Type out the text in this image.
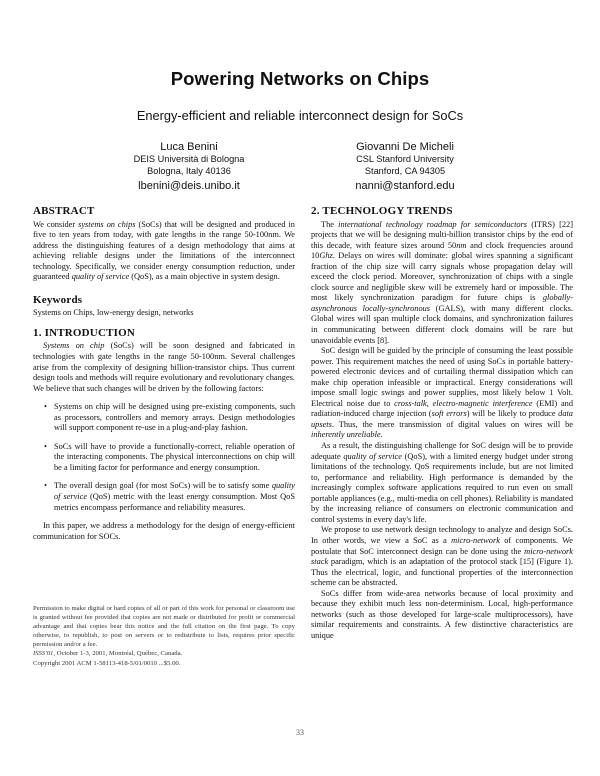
Powering Networks on Chips
Energy-efficient and reliable interconnect design for SoCs
Luca Benini
DEIS Università di Bologna
Bologna, Italy 40136
lbenini@deis.unibo.it
Giovanni De Micheli
CSL Stanford University
Stanford, CA 94305
nanni@stanford.edu
ABSTRACT

We consider systems on chips (SoCs) that will be designed and produced in five to ten years from today, with gate lengths in the range 50-100nm. We address the distinguishing features of a design methodology that aims at achieving reliable designs under the limitations of the interconnect technology. Specifically, we consider energy consumption reduction, under guaranteed quality of service (QoS), as a main objective in system design.

Keywords

Systems on Chips, low-energy design, networks

1. INTRODUCTION

Systems on chip (SoCs) will be soon designed and fabricated in technologies with gate lengths in the range 50-100nm. Several challenges arise from the complexity of designing billion-transistor chips. Thus current design tools and methods will require evolutionary and revolutionary changes. We believe that such changes will be driven by the following factors:

• Systems on chip will be designed using pre-existing components, such as processors, controllers and memory arrays. Design methodologies will support component re-use in a plug-and-play fashion.
• SoCs will have to provide a functionally-correct, reliable operation of the interacting components. The physical interconnections on chip will be a limiting factor for performance and energy consumption.
• The overall design goal (for most SoCs) will be to satisfy some quality of service (QoS) metric with the least energy consumption. Most QoS metrics encompass performance and reliability measures.

In this paper, we address a methodology for the design of energy-efficient communication for SOCs.

Permission to make digital or hard copies of all or part of this work for personal or classroom use is granted without fee provided that copies are not made or distributed for profit or commercial advantage and that copies bear this notice and the full citation on the first page. To copy otherwise, to republish, to post on servers or to redistribute to lists, requires prior specific permission and/or a fee.

ISSS'01, October 1-3, 2001, Montréal, Québec, Canada.

Copyright 2001 ACM 1-58113-418-5/01/0010 ...$5.00.

2. TECHNOLOGY TRENDS

The international technology roadmap for semiconductors (ITRS) [22] projects that we will be designing multi-billion transistor chips by the end of this decade, with feature sizes around 50nm and clock frequencies around 10Ghz. Delays on wires will dominate: global wires spanning a significant fraction of the chip size will carry signals whose propagation delay will exceed the clock period. Moreover, synchronization of chips with a single clock source and negligible skew will be extremely hard or impossible. The most likely synchronization paradigm for future chips is globally-asynchronous locally-synchronous (GALS), with many different clocks. Global wires will span multiple clock domains, and synchronization failures in communicating between different clock domains will be rare but unavoidable events [8].

SoC design will be guided by the principle of consuming the least possible power. This requirement matches the need of using SoCs in portable battery-powered electronic devices and of curtailing thermal dissipation which can make chip operation infeasible or impractical. Energy considerations will impose small logic swings and power supplies, most likely below 1 Volt. Electrical noise due to cross-talk, electro-magnetic interference (EMI) and radiation-induced charge injection (soft errors) will be likely to produce data upsets. Thus, the mere transmission of digital values on wires will be inherently unreliable.

As a result, the distinguishing challenge for SoC design will be to provide adequate quality of service (QoS), with a limited energy budget under strong limitations of the technology. QoS requirements include, but are not limited to, performance and reliability. High performance is demanded by the increasingly complex software applications required to run even on small portable appliances (e.g., multi-media on cell phones). Reliability is mandated by the increasing reliance of consumers on electronic communication and control systems in every day's life.

We propose to use network design technology to analyze and design SoCs. In other words, we view a SoC as a micro-network of components. We postulate that SoC interconnect design can be done using the micro-network stack paradigm, which is an adaptation of the protocol stack [15] (Figure 1). Thus the electrical, logic, and functional properties of the interconnection scheme can be abstracted.

SoCs differ from wide-area networks because of local proximity and because they exhibit much less non-determinism. Local, high-performance networks (such as those developed for large-scale multiprocessors), have similar requirements and constraints. A few distinctive characteristics are unique

33
